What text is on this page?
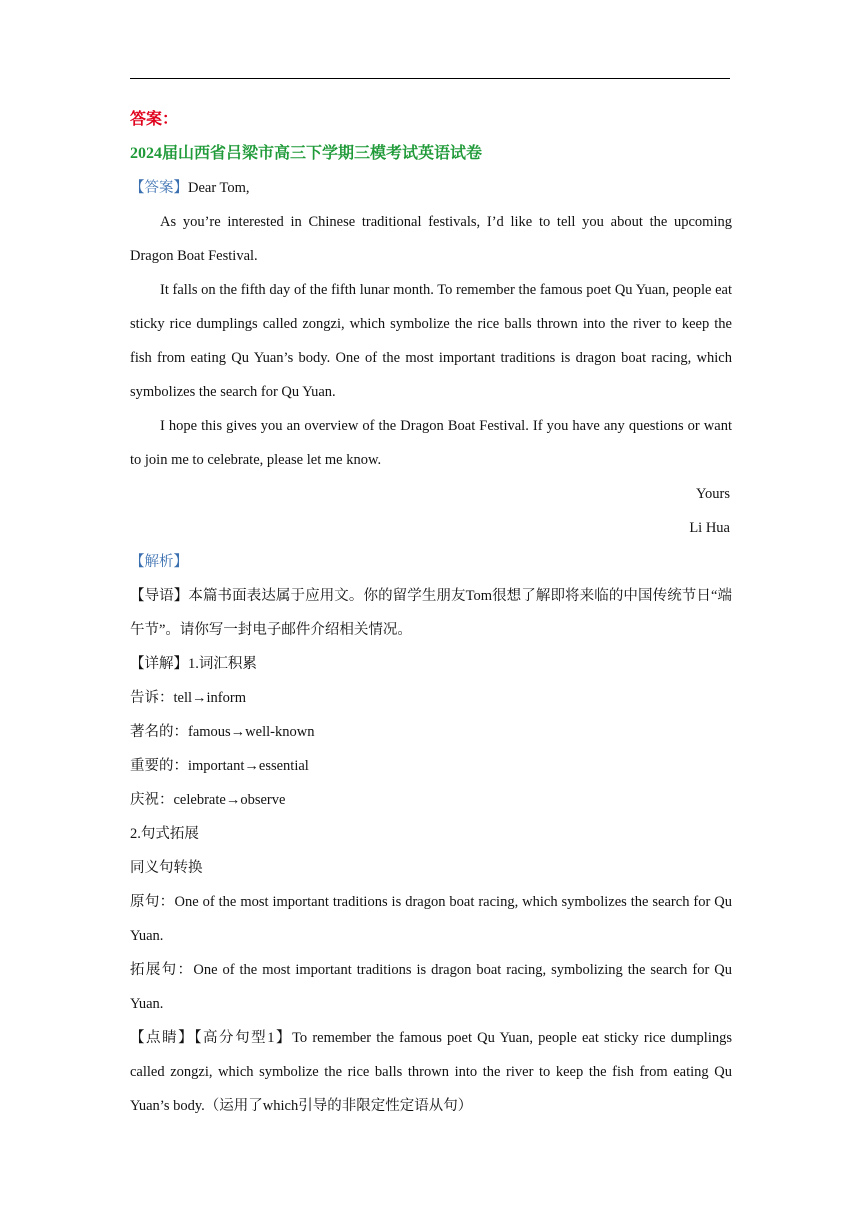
答案：
2024届山西省吕梁市高三下学期三模考试英语试卷
【答案】Dear Tom,
As you’re interested in Chinese traditional festivals, I’d like to tell you about the upcoming Dragon Boat Festival.
It falls on the fifth day of the fifth lunar month. To remember the famous poet Qu Yuan, people eat sticky rice dumplings called zongzi, which symbolize the rice balls thrown into the river to keep the fish from eating Qu Yuan’s body. One of the most important traditions is dragon boat racing, which symbolizes the search for Qu Yuan.
I hope this gives you an overview of the Dragon Boat Festival. If you have any questions or want to join me to celebrate, please let me know.
Yours
Li Hua
【解析】
【导语】本篇书面表达属于应用文。你的留学生朋友Tom很想了解即将来临的中国传统节日“端午节”。请你写一封电子邮件介绍相关情况。
【详解】1.词汇积累
告诉：tell→inform
著名的：famous→well-known
重要的：important→essential
庆祝：celebrate→observe
2.句式拓展
同义句转换
原句：One of the most important traditions is dragon boat racing, which symbolizes the search for Qu Yuan.
拓展句：One of the most important traditions is dragon boat racing, symbolizing the search for Qu Yuan.
【点睛】【高分句型1】To remember the famous poet Qu Yuan, people eat sticky rice dumplings called zongzi, which symbolize the rice balls thrown into the river to keep the fish from eating Qu Yuan’s body.（运用了which引导的非限定性定语从句）
